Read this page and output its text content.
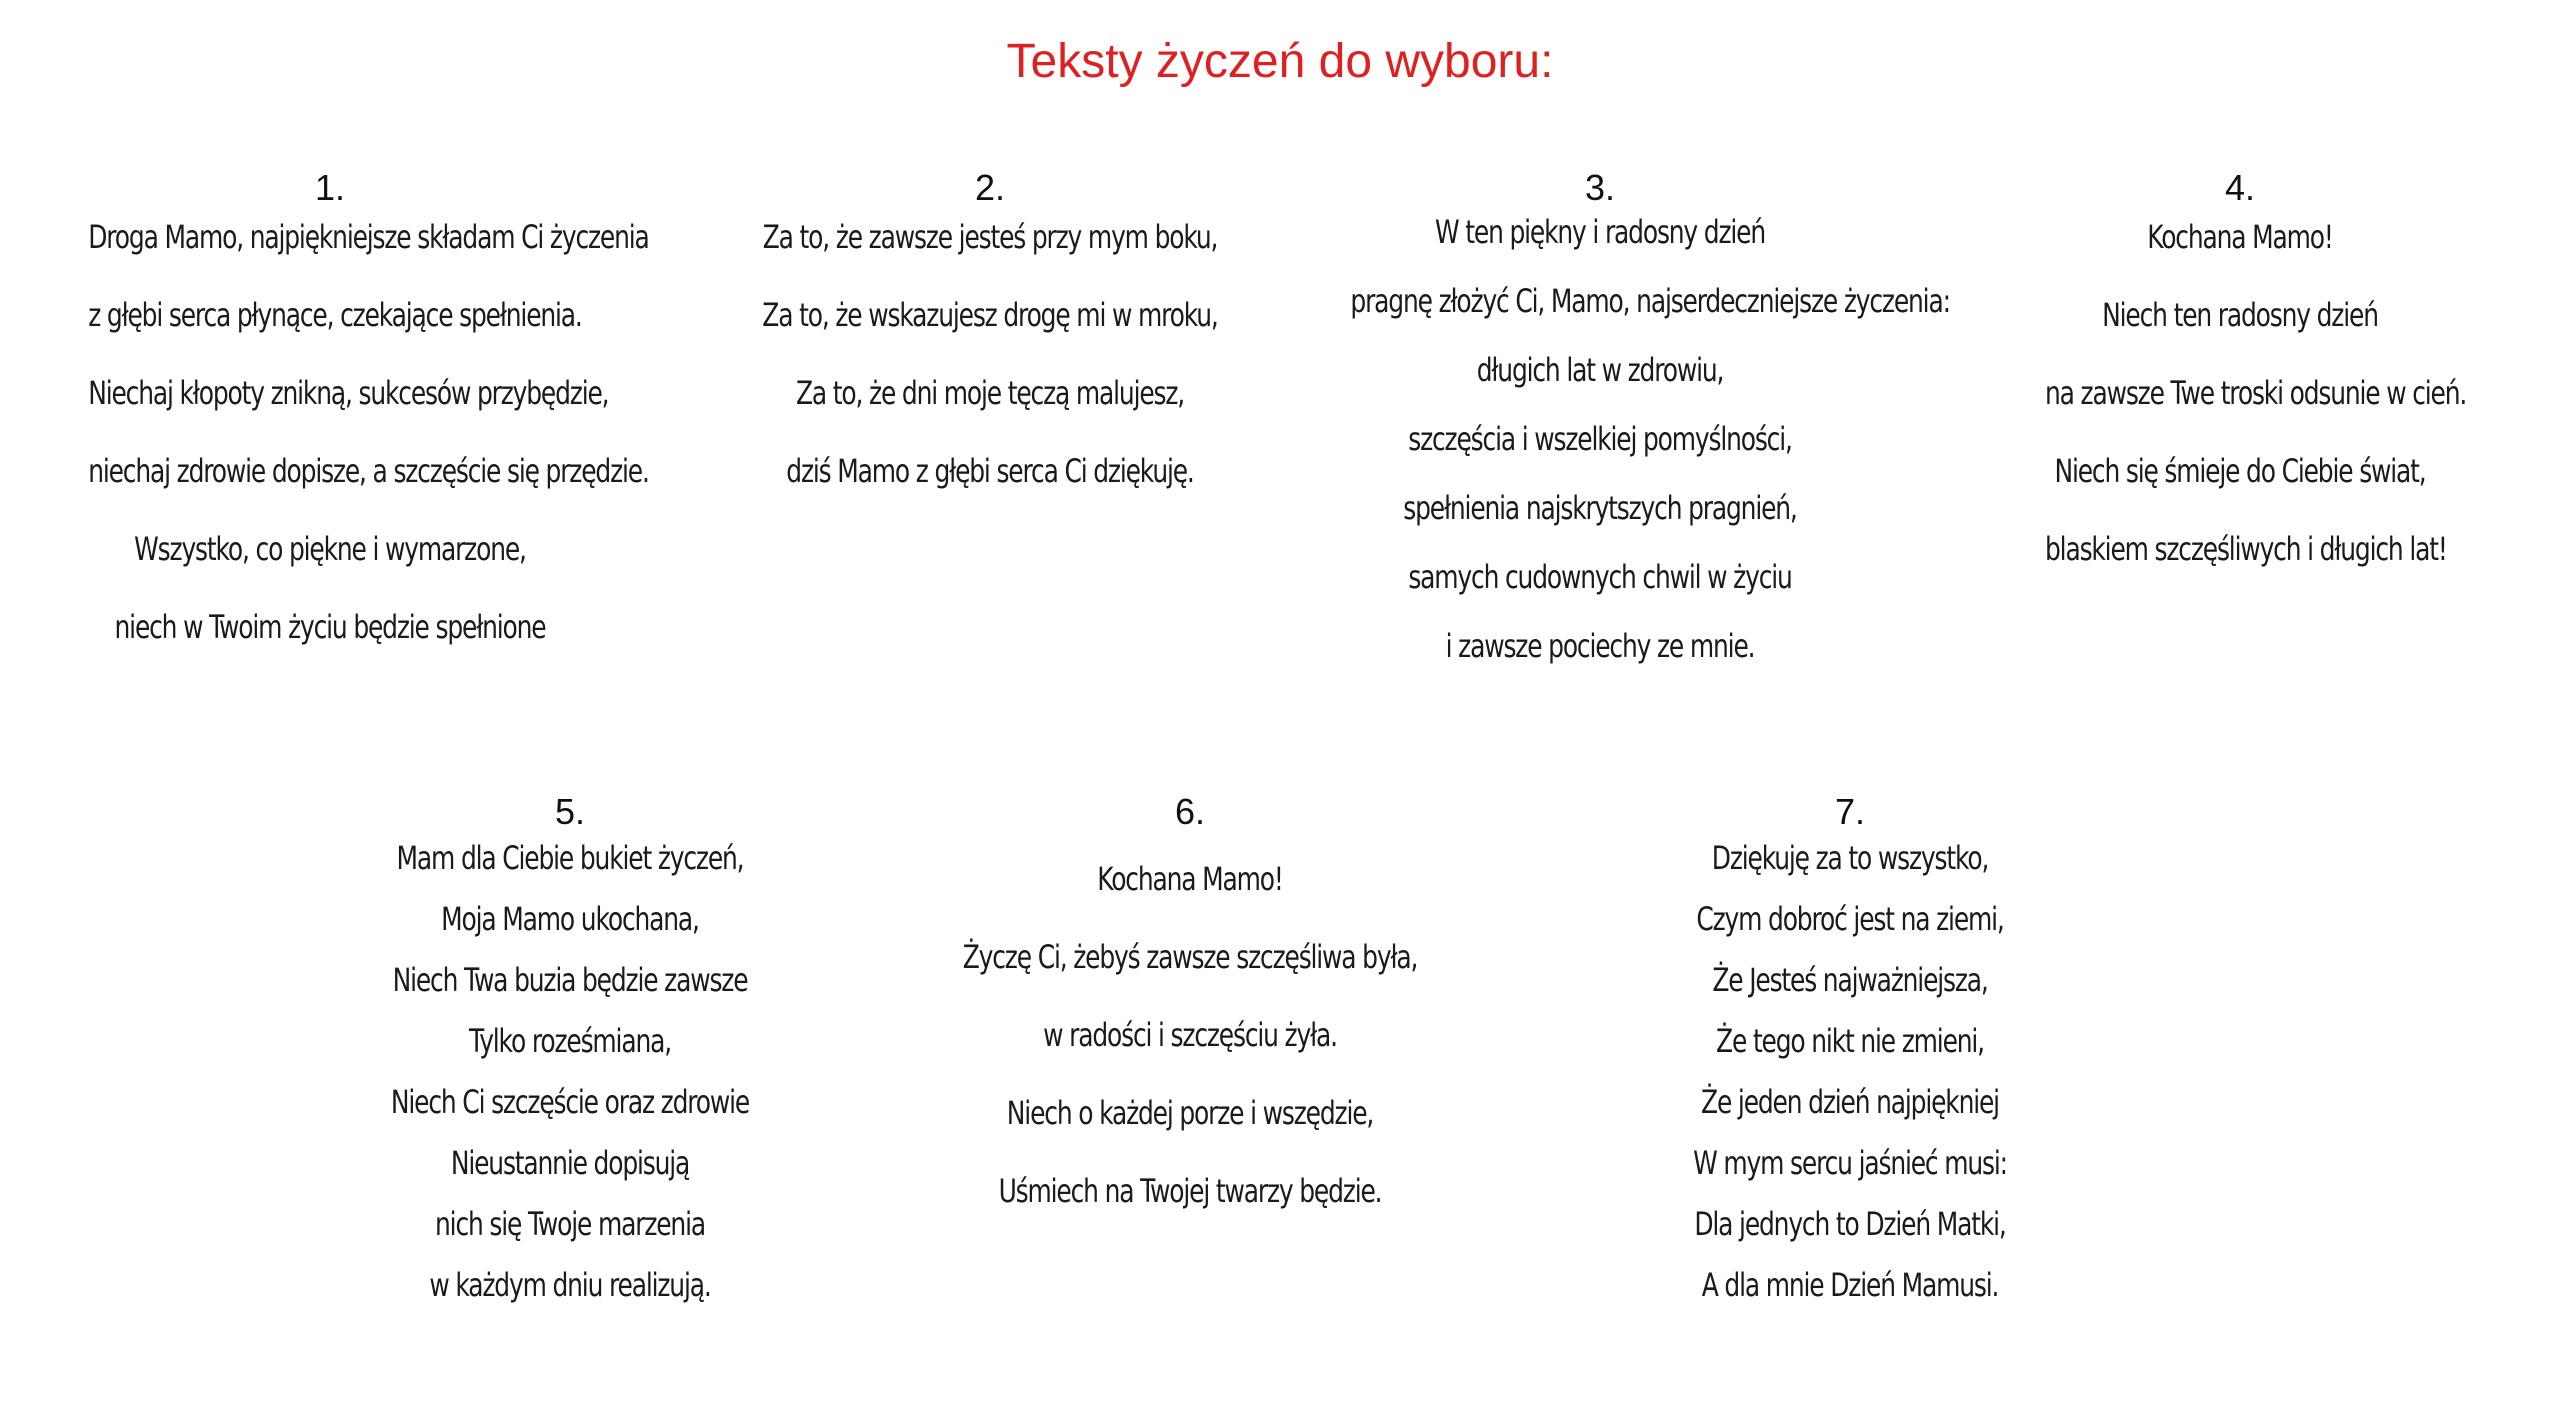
Teksty życzeń do wyboru:
1.
Droga Mamo, najpiękniejsze składam Ci życzenia
z głębi serca płynące, czekające spełnienia.
Niechaj kłopoty znikną, sukcesów przybędzie,
niechaj zdrowie dopisze, a szczęście się przędzie.
Wszystko, co piękne i wymarzone,
niech w Twoim życiu będzie spełnione
2.
Za to, że zawsze jesteś przy mym boku,
Za to, że wskazujesz drogę mi w mroku,
Za to, że dni moje tęczą malujesz,
dziś Mamo z głębi serca Ci dziękuję.
3.
W ten piękny i radosny dzień
pragnę złożyć Ci, Mamo, najserdeczniejsze życzenia:
długich lat w zdrowiu,
szczęścia i wszelkiej pomyślności,
spełnienia najskrytszych pragnień,
samych cudownych chwil w życiu
i zawsze pociechy ze mnie.
4.
Kochana Mamo!
Niech ten radosny dzień
na zawsze Twe troski odsunie w cień.
Niech się śmieje do Ciebie świat,
blaskiem szczęśliwych i długich lat!
5.
Mam dla Ciebie bukiet życzeń,
Moja Mamo ukochana,
Niech Twa buzia będzie zawsze
Tylko roześmiana,
Niech Ci szczęście oraz zdrowie
Nieustannie dopisują
nich się Twoje marzenia
w każdym dniu realizują.
6.
Kochana Mamo!
Życzę Ci, żebyś zawsze szczęśliwa była,
w radości i szczęściu żyła.
Niech o każdej porze i wszędzie,
Uśmiech na Twojej twarzy będzie.
7.
Dziękuję za to wszystko,
Czym dobroć jest na ziemi,
Że Jesteś najważniejsza,
Że tego nikt nie zmieni,
Że jeden dzień najpiękniej
W mym sercu jaśnieć musi:
Dla jednych to Dzień Matki,
A dla mnie Dzień Mamusi.
